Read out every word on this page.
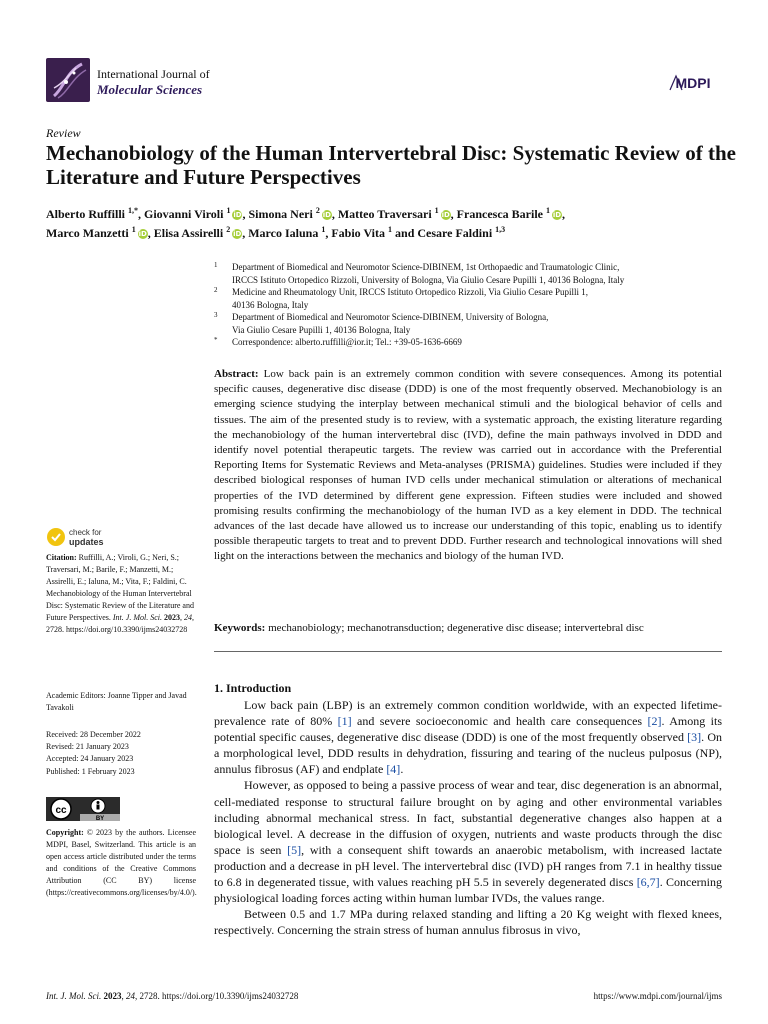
International Journal of
Molecular Sciences	MDPI
Review
Mechanobiology of the Human Intervertebral Disc: Systematic Review of the Literature and Future Perspectives
Alberto Ruffilli $^{1,*}$, Giovanni Viroli $^1$ iD, Simona Neri $^2$ iD, Matteo Traversari $^1$ iD, Francesca Barile $^1$ iD,
Marco Manzetti $^1$ iD, Elisa Assirelli $^2$ iD, Marco Ialuna $^1$, Fabio Vita $^1$ and Cesare Faldini $^{1,3}$
1 Department of Biomedical and Neuromotor Science-DIBINEM, 1st Orthopaedic and Traumatologic Clinic,
IRCCS Istituto Ortopedico Rizzoli, University of Bologna, Via Giulio Cesare Pupilli 1, 40136 Bologna, Italy
2 Medicine and Rheumatology Unit, IRCCS Istituto Ortopedico Rizzoli, Via Giulio Cesare Pupilli 1,
40136 Bologna, Italy
3 Department of Biomedical and Neuromotor Science-DIBINEM, University of Bologna,
Via Giulio Cesare Pupilli 1, 40136 Bologna, Italy
* Correspondence: alberto.ruffilli@ior.it; Tel.: +39-05-1636-6669
Abstract: Low back pain is an extremely common condition with severe consequences. Among its potential specific causes, degenerative disc disease (DDD) is one of the most frequently observed. Mechanobiology is an emerging science studying the interplay between mechanical stimuli and the biological behavior of cells and tissues. The aim of the presented study is to review, with a systematic approach, the existing literature regarding the mechanobiology of the human intervertebral disc (IVD), define the main pathways involved in DDD and identify novel potential therapeutic targets. The review was carried out in accordance with the Preferential Reporting Items for Systematic Reviews and Meta-analyses (PRISMA) guidelines. Studies were included if they described biological responses of human IVD cells under mechanical stimulation or alterations of mechanical properties of the IVD determined by different gene expression. Fifteen studies were included and showed promising results confirming the mechanobiology of the human IVD as a key element in DDD. The technical advances of the last decade have allowed us to increase our understanding of this topic, enabling us to identify possible therapeutic targets to treat and to prevent DDD. Further research and technological innovations will shed light on the interactions between the mechanics and biology of the human IVD.
Keywords: mechanobiology; mechanotransduction; degenerative disc disease; intervertebral disc
1. Introduction

Low back pain (LBP) is an extremely common condition worldwide, with an expected lifetime-prevalence rate of 80% [1] and severe socioeconomic and health care consequences [2]. Among its potential specific causes, degenerative disc disease (DDD) is one of the most frequently observed [3]. On a morphological level, DDD results in dehydration, fissuring and tearing of the nucleus pulposus (NP), annulus fibrosus (AF) and endplate [4].

However, as opposed to being a passive process of wear and tear, disc degeneration is an abnormal, cell-mediated response to structural failure brought on by aging and other environmental variables including abnormal mechanical stress. In fact, substantial degenerative changes also happen at a biological level. A decrease in the diffusion of oxygen, nutrients and waste products through the disc space is seen [5], with a consequent shift towards an anaerobic metabolism, with increased lactate production and a decrease in pH level. The intervertebral disc (IVD) pH ranges from 7.1 in healthy tissue to 6.8 in degenerated tissue, with values reaching pH 5.5 in severely degenerated discs [6,7]. Concerning physiological loading forces acting within human lumbar IVDs, the values range.

Between 0.5 and 1.7 MPa during relaxed standing and lifting a 20 Kg weight with flexed knees, respectively. Concerning the strain stress of human annulus fibrosus in vivo,

check for
updates
Citation: Ruffilli, A.; Viroli, G.; Neri, S.; Traversari, M.; Barile, F.; Manzetti, M.; Assirelli, E.; Ialuna, M.; Vita, F.; Faldini, C. Mechanobiology of the Human Intervertebral Disc: Systematic Review of the Literature and Future Perspectives. Int. J. Mol. Sci. 2023, 24, 2728. https://doi.org/10.3390/ijms24032728
Academic Editors: Joanne Tipper and Javad Tavakoli
Received: 28 December 2022
Revised: 21 January 2023
Accepted: 24 January 2023
Published: 1 February 2023
cc
BY
Copyright: © 2023 by the authors. Licensee MDPI, Basel, Switzerland. This article is an open access article distributed under the terms and conditions of the Creative Commons Attribution (CC BY) license (https://creativecommons.org/licenses/by/4.0/).
Int. J. Mol. Sci. 2023, 24, 2728. https://doi.org/10.3390/ijms24032728	https://www.mdpi.com/journal/ijms
